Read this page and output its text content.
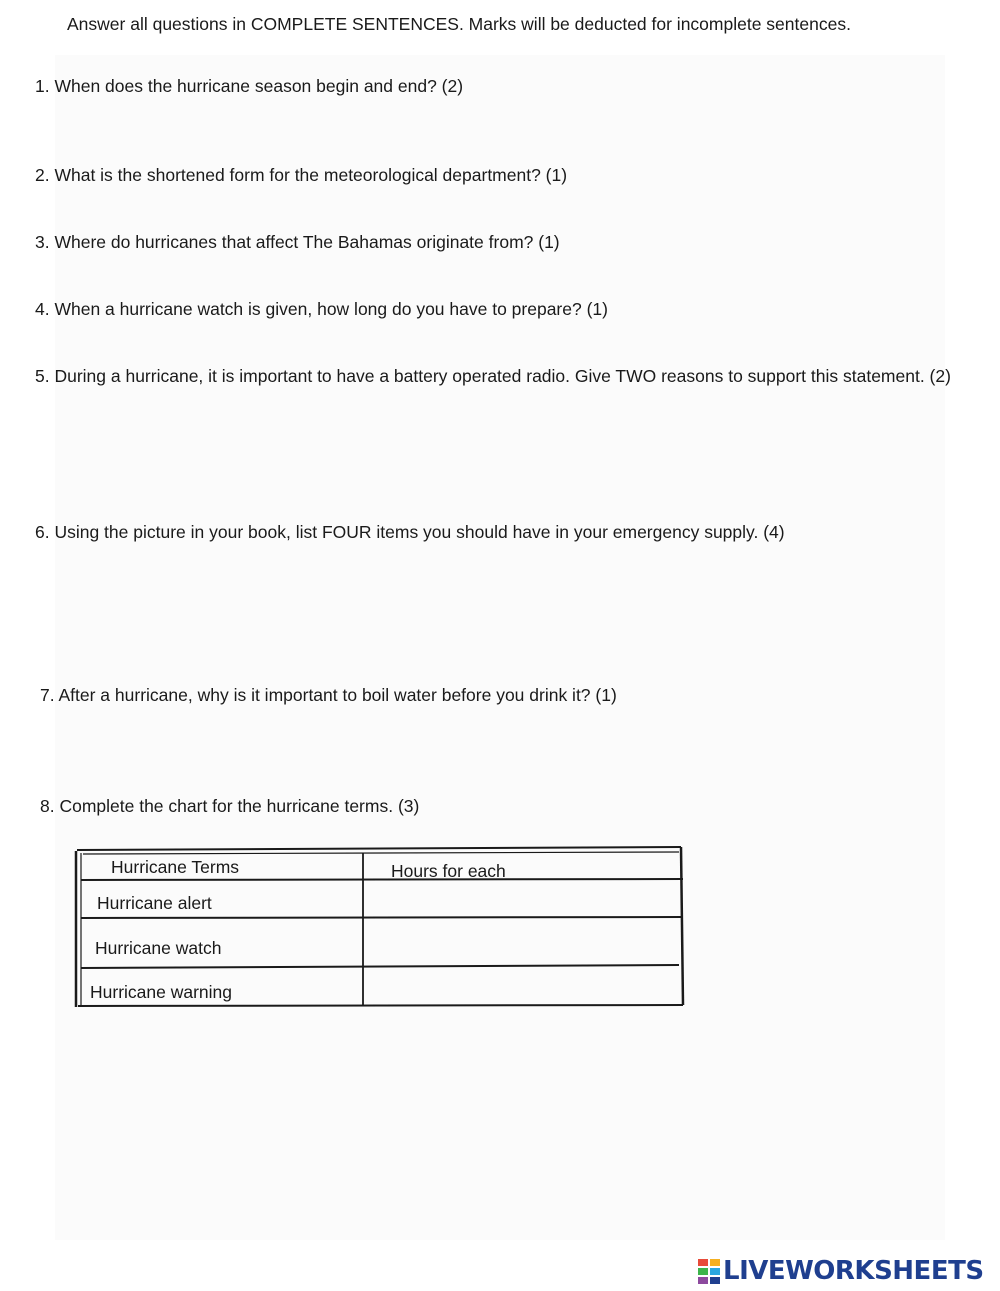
Answer all questions in COMPLETE SENTENCES. Marks will be deducted for incomplete sentences.
1. When does the hurricane season begin and end? (2)
2. What is the shortened form for the meteorological department? (1)
3. Where do hurricanes that affect The Bahamas originate from? (1)
4. When a hurricane watch is given, how long do you have to prepare? (1)
5. During a hurricane, it is important to have a battery operated radio. Give TWO reasons to support this statement. (2)
6. Using the picture in your book, list FOUR items you should have in your emergency supply. (4)
7. After a hurricane, why is it important to boil water before you drink it? (1)
8. Complete the chart for the hurricane terms. (3)
Hurricane Terms	Hours for each
Hurricane alert
Hurricane watch
Hurricane warning
LIVEWORKSHEETS
